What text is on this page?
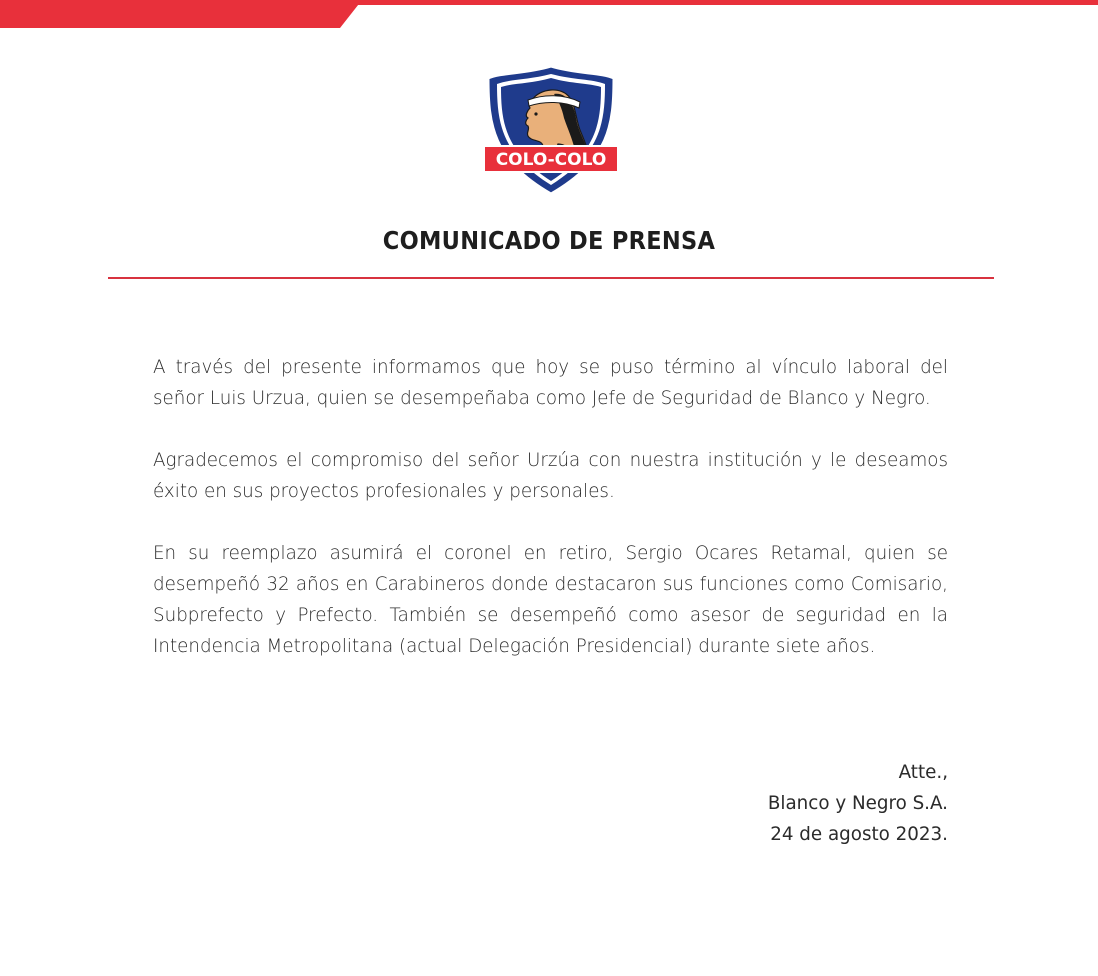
COLO-COLO
COMUNICADO DE PRENSA

A través del presente informamos que hoy se puso término al vínculo laboral del señor Luis Urzua, quien se desempeñaba como Jefe de Seguridad de Blanco y Negro.

Agradecemos el compromiso del señor Urzúa con nuestra institución y le deseamos éxito en sus proyectos profesionales y personales.

En su reemplazo asumirá el coronel en retiro, Sergio Ocares Retamal, quien se desempeñó 32 años en Carabineros donde destacaron sus funciones como Comisario, Subprefecto y Prefecto. También se desempeñó como asesor de seguridad en la Intendencia Metropolitana (actual Delegación Presidencial) durante siete años.

Atte.,
Blanco y Negro S.A.
24 de agosto 2023.
